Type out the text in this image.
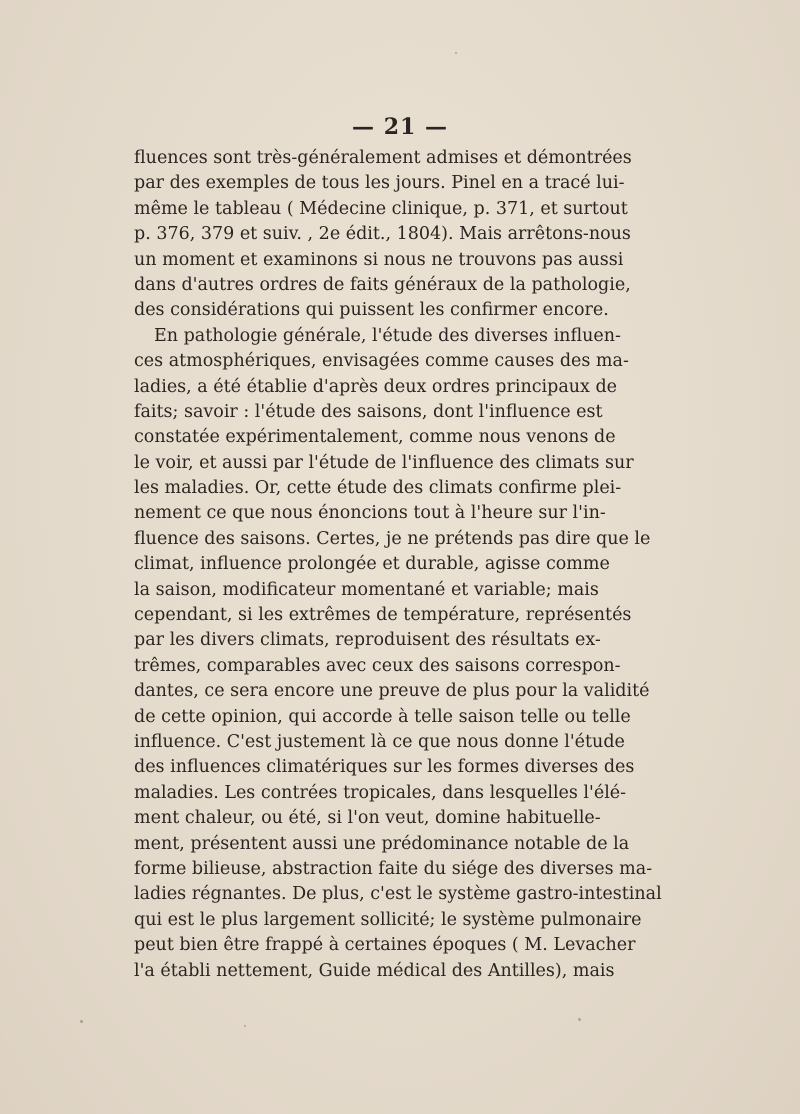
— 21 —
fluences sont très-généralement admises et démontrées
par des exemples de tous les jours. Pinel en a tracé lui-
même le tableau ( Médecine clinique, p. 371, et surtout
p. 376, 379 et suiv. , 2e édit., 1804). Mais arrêtons-nous
un moment et examinons si nous ne trouvons pas aussi
dans d'autres ordres de faits généraux de la pathologie,
des considérations qui puissent les confirmer encore.
En pathologie générale, l'étude des diverses influen-
ces atmosphériques, envisagées comme causes des ma-
ladies, a été établie d'après deux ordres principaux de
faits; savoir : l'étude des saisons, dont l'influence est
constatée expérimentalement, comme nous venons de
le voir, et aussi par l'étude de l'influence des climats sur
les maladies. Or, cette étude des climats confirme plei-
nement ce que nous énoncions tout à l'heure sur l'in-
fluence des saisons. Certes, je ne prétends pas dire que le
climat, influence prolongée et durable, agisse comme
la saison, modificateur momentané et variable; mais
cependant, si les extrêmes de température, représentés
par les divers climats, reproduisent des résultats ex-
trêmes, comparables avec ceux des saisons correspon-
dantes, ce sera encore une preuve de plus pour la validité
de cette opinion, qui accorde à telle saison telle ou telle
influence. C'est justement là ce que nous donne l'étude
des influences climatériques sur les formes diverses des
maladies. Les contrées tropicales, dans lesquelles l'élé-
ment chaleur, ou été, si l'on veut, domine habituelle-
ment, présentent aussi une prédominance notable de la
forme bilieuse, abstraction faite du siége des diverses ma-
ladies régnantes. De plus, c'est le système gastro-intestinal
qui est le plus largement sollicité; le système pulmonaire
peut bien être frappé à certaines époques ( M. Levacher
l'a établi nettement, Guide médical des Antilles), mais
